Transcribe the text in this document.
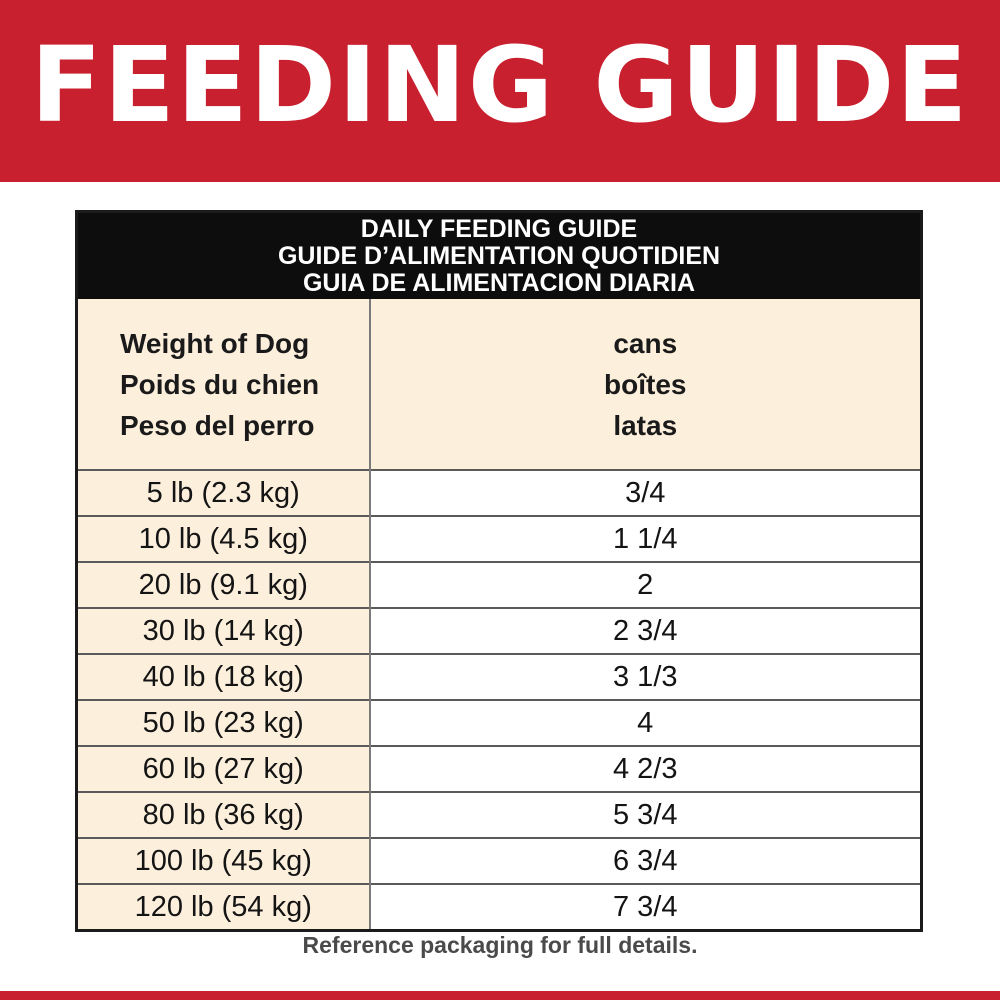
FEEDING GUIDE
DAILY FEEDING GUIDE
GUIDE D’ALIMENTATION QUOTIDIEN
GUIA DE ALIMENTACION DIARIA	

Weight of Dog
Poids du chien
Peso del perro	cans
boîtes
latas

5 lb (2.3 kg)	3/4
10 lb (4.5 kg)	1 1/4
20 lb (9.1 kg)	2
30 lb (14 kg)	2 3/4
40 lb (18 kg)	3 1/3
50 lb (23 kg)	4
60 lb (27 kg)	4 2/3
80 lb (36 kg)	5 3/4
100 lb (45 kg)	6 3/4
120 lb (54 kg)	7 3/4
Reference packaging for full details.
